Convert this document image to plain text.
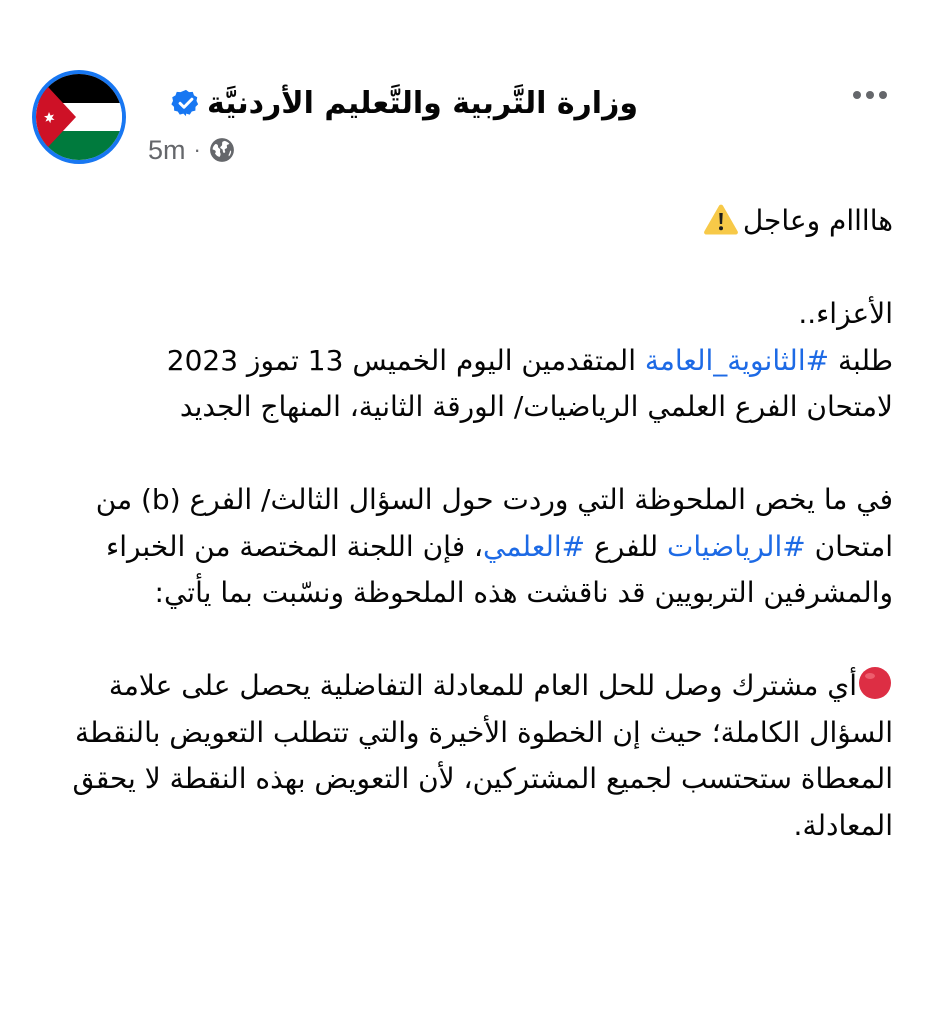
وزارة التَّربية والتَّعليم الأردنيَّة
5m ·

هاااام وعاجل

الأعزاء..

طلبة #الثانوية_العامة المتقدمين اليوم الخميس 13 تموز 2023

لامتحان الفرع العلمي الرياضيات/ الورقة الثانية، المنهاج الجديد

في ما يخص الملحوظة التي وردت حول السؤال الثالث/ الفرع (b) من امتحان #الرياضيات للفرع #العلمي، فإن اللجنة المختصة من الخبراء والمشرفين التربويين قد ناقشت هذه الملحوظة ونسّبت بما يأتي:

أي مشترك وصل للحل العام للمعادلة التفاضلية يحصل على علامة السؤال الكاملة؛ حيث إن الخطوة الأخيرة والتي تتطلب التعويض بالنقطة المعطاة ستحتسب لجميع المشتركين، لأن التعويض بهذه النقطة لا يحقق المعادلة.
